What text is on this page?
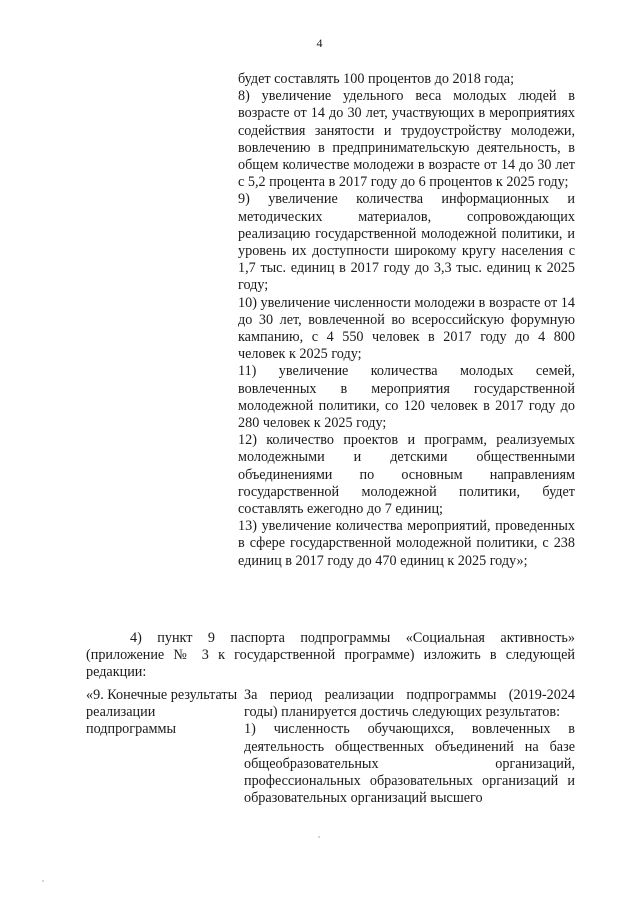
4

будет составлять 100 процентов до 2018 года;

8) увеличение удельного веса молодых людей в возрасте от 14 до 30 лет, участвующих в мероприятиях содействия занятости и трудоустройству молодежи, вовлечению в предпринимательскую деятельность, в общем количестве молодежи в возрасте от 14 до 30 лет с 5,2 процента в 2017 году до 6 процентов к 2025 году;

9) увеличение количества информационных и методических материалов, сопровождающих реализацию государственной молодежной политики, и уровень их доступности широкому кругу населения с 1,7 тыс. единиц в 2017 году до 3,3 тыс. единиц к 2025 году;

10) увеличение численности молодежи в возрасте от 14 до 30 лет, вовлеченной во всероссийскую форумную кампанию, с 4 550 человек в 2017 году до 4 800 человек к 2025 году;

11) увеличение количества молодых семей, вовлеченных в мероприятия государственной молодежной политики, со 120 человек в 2017 году до 280 человек к 2025 году;

12) количество проектов и программ, реализуемых молодежными и детскими общественными объединениями по основным направлениям государственной молодежной политики, будет составлять ежегодно до 7 единиц;

13) увеличение количества мероприятий, проведенных в сфере государственной молодежной политики, с 238 единиц в 2017 году до 470 единиц к 2025 году»;

4) пункт 9 паспорта подпрограммы «Социальная активность» (приложение № 3 к государственной программе) изложить в следующей редакции:

«9. Конечные результаты реализации подпрограммы

За период реализации подпрограммы (2019-2024 годы) планируется достичь следующих результатов:

1) численность обучающихся, вовлеченных в деятельность общественных объединений на базе общеобразовательных организаций, профессиональных образовательных организаций и образовательных организаций высшего
